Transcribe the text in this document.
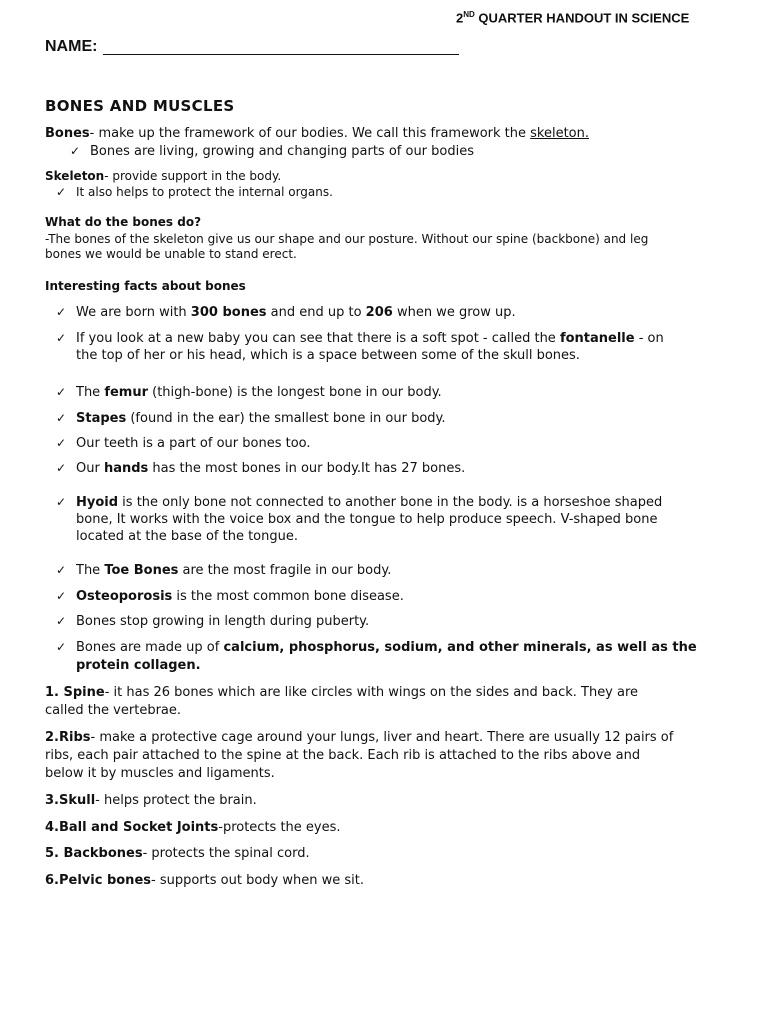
2ND QUARTER HANDOUT IN SCIENCE
NAME:
BONES AND MUSCLES
Bones- make up the framework of our bodies. We call this framework the skeleton.
✓ Bones are living, growing and changing parts of our bodies
Skeleton- provide support in the body.
✓ It also helps to protect the internal organs.
What do the bones do?
-The bones of the skeleton give us our shape and our posture. Without our spine (backbone) and leg
bones we would be unable to stand erect.
Interesting facts about bones
✓ We are born with 300 bones and end up to 206 when we grow up.
✓ If you look at a new baby you can see that there is a soft spot - called the fontanelle - on
the top of her or his head, which is a space between some of the skull bones.
✓ The femur (thigh-bone) is the longest bone in our body.
✓ Stapes (found in the ear) the smallest bone in our body.
✓ Our teeth is a part of our bones too.
✓ Our hands has the most bones in our body.It has 27 bones.
✓ Hyoid is the only bone not connected to another bone in the body. is a horseshoe shaped
bone, It works with the voice box and the tongue to help produce speech. V-shaped bone
located at the base of the tongue.
✓ The Toe Bones are the most fragile in our body.
✓ Osteoporosis is the most common bone disease.
✓ Bones stop growing in length during puberty.
✓ Bones are made up of calcium, phosphorus, sodium, and other minerals, as well as the
protein collagen.
1. Spine- it has 26 bones which are like circles with wings on the sides and back. They are
called the vertebrae.
2.Ribs- make a protective cage around your lungs, liver and heart. There are usually 12 pairs of
ribs, each pair attached to the spine at the back. Each rib is attached to the ribs above and
below it by muscles and ligaments.
3.Skull- helps protect the brain.
4.Ball and Socket Joints-protects the eyes.
5. Backbones- protects the spinal cord.
6.Pelvic bones- supports out body when we sit.
